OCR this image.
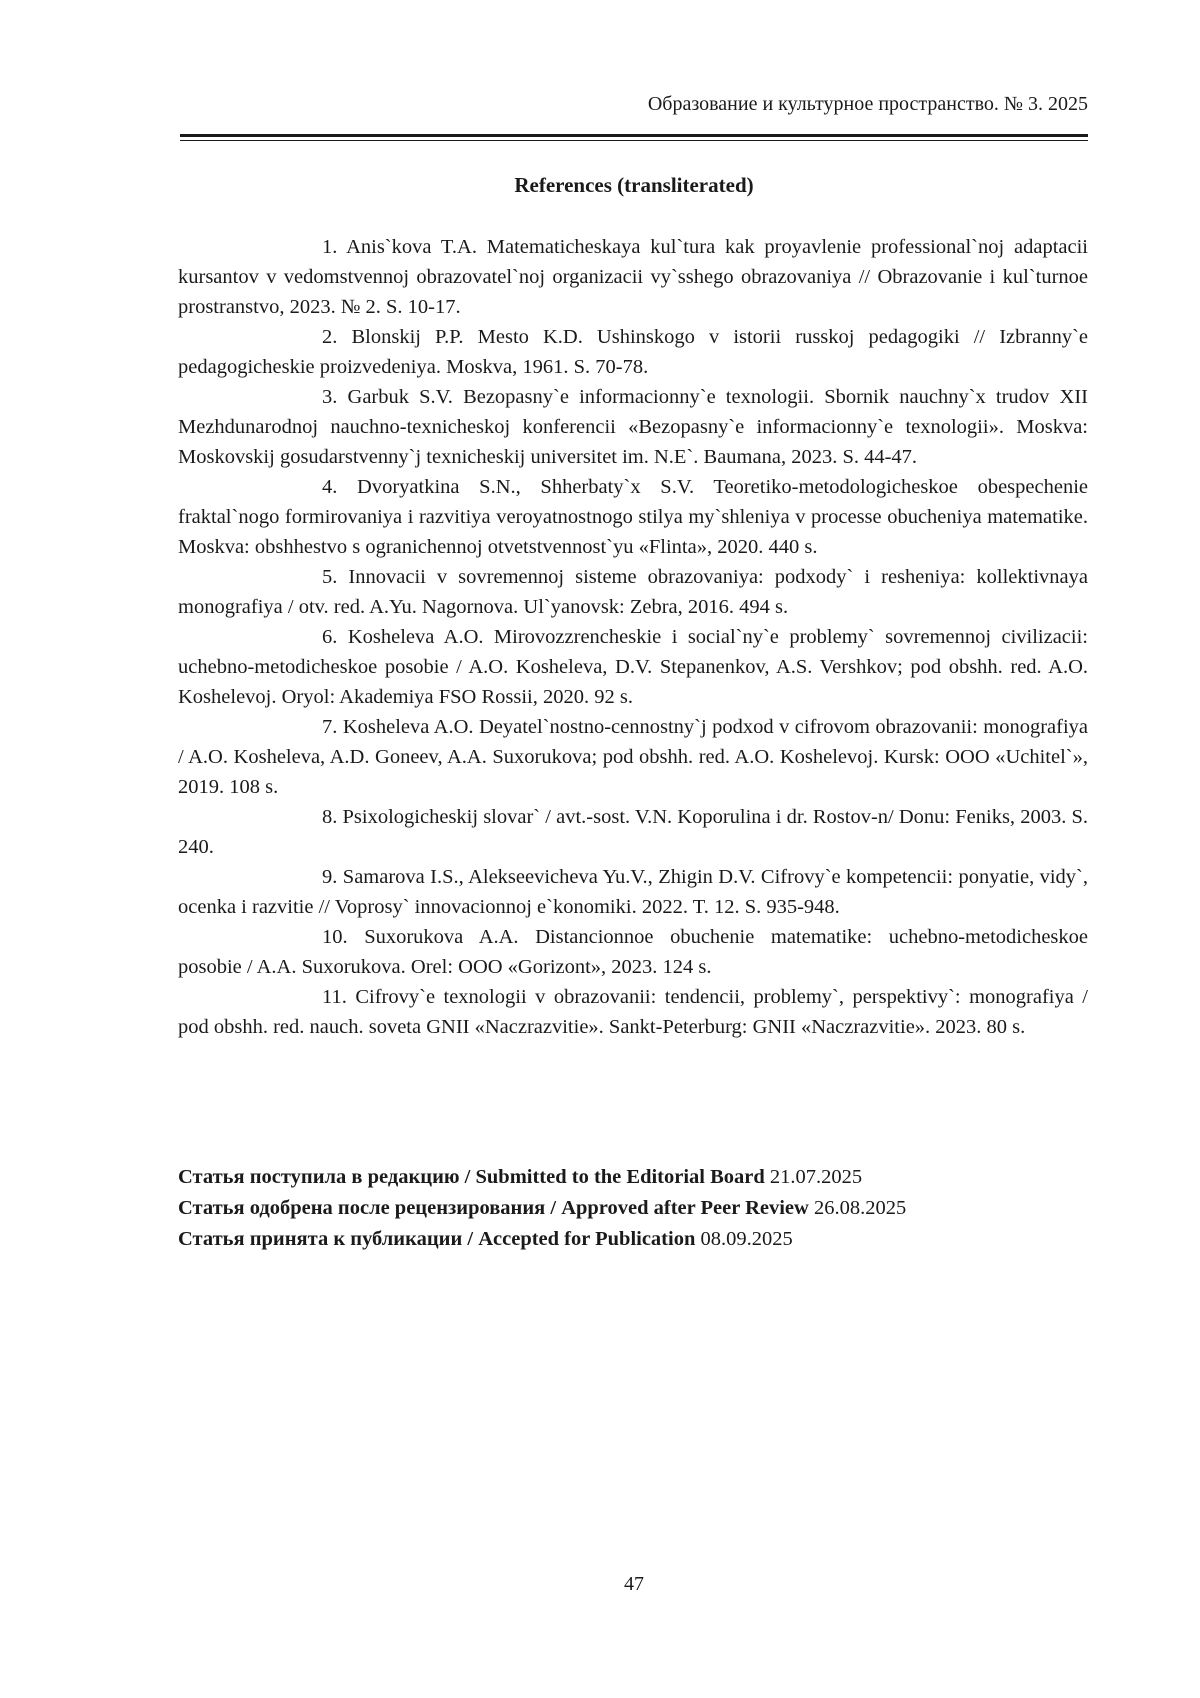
Образование и культурное пространство. № 3. 2025
References (transliterated)

1. Anis`kova T.A. Matematicheskaya kul`tura kak proyavlenie professional`noj adaptacii kursantov v vedomstvennoj obrazovatel`noj organizacii vy`sshego obrazovaniya // Obrazovanie i kul`turnoe prostranstvo, 2023. № 2. S. 10-17.

2. Blonskij P.P. Mesto K.D. Ushinskogo v istorii russkoj pedagogiki // Izbranny`e pedagogicheskie proizvedeniya. Moskva, 1961. S. 70-78.

3. Garbuk S.V. Bezopasny`e informacionny`e texnologii. Sbornik nauchny`x trudov XII Mezhdunarodnoj nauchno-texnicheskoj konferencii «Bezopasny`e informacionny`e texnologii». Moskva: Moskovskij gosudarstvenny`j texnicheskij universitet im. N.E`. Baumana, 2023. S. 44-47.

4. Dvoryatkina S.N., Shherbaty`x S.V. Teoretiko-metodologicheskoe obespechenie fraktal`nogo formirovaniya i razvitiya veroyatnostnogo stilya my`shleniya v processe obucheniya matematike. Moskva: obshhestvo s ogranichennoj otvetstvennost`yu «Flinta», 2020. 440 s.

5. Innovacii v sovremennoj sisteme obrazovaniya: podxody` i resheniya: kollektivnaya monografiya / otv. red. A.Yu. Nagornova. Ul`yanovsk: Zebra, 2016. 494 s.

6. Kosheleva A.O. Mirovozzrencheskie i social`ny`e problemy` sovremennoj civilizacii: uchebno-metodicheskoe posobie / A.O. Kosheleva, D.V. Stepanenkov, A.S. Vershkov; pod obshh. red. A.O. Koshelevoj. Oryol: Akademiya FSO Rossii, 2020. 92 s.

7. Kosheleva A.O. Deyatel`nostno-cennostny`j podxod v cifrovom obrazovanii: monografiya / A.O. Kosheleva, A.D. Goneev, A.A. Suxorukova; pod obshh. red. A.O. Koshelevoj. Kursk: OOO «Uchitel`», 2019. 108 s.

8. Psixologicheskij slovar` / avt.-sost. V.N. Koporulina i dr. Rostov-n/ Donu: Feniks, 2003. S. 240.

9. Samarova I.S., Alekseevicheva Yu.V., Zhigin D.V. Cifrovy`e kompetencii: ponyatie, vidy`, ocenka i razvitie // Voprosy` innovacionnoj e`konomiki. 2022. T. 12. S. 935-948.

10. Suxorukova A.A. Distancionnoe obuchenie matematike: uchebno-metodicheskoe posobie / A.A. Suxorukova. Orel: OOO «Gorizont», 2023. 124 s.

11. Cifrovy`e texnologii v obrazovanii: tendencii, problemy`, perspektivy`: monografiya / pod obshh. red. nauch. soveta GNII «Naczrazvitie». Sankt-Peterburg: GNII «Naczrazvitie». 2023. 80 s.

Статья поступила в редакцию / Submitted to the Editorial Board 21.07.2025
Статья одобрена после рецензирования / Approved after Peer Review 26.08.2025
Статья принята к публикации / Accepted for Publication 08.09.2025
47
